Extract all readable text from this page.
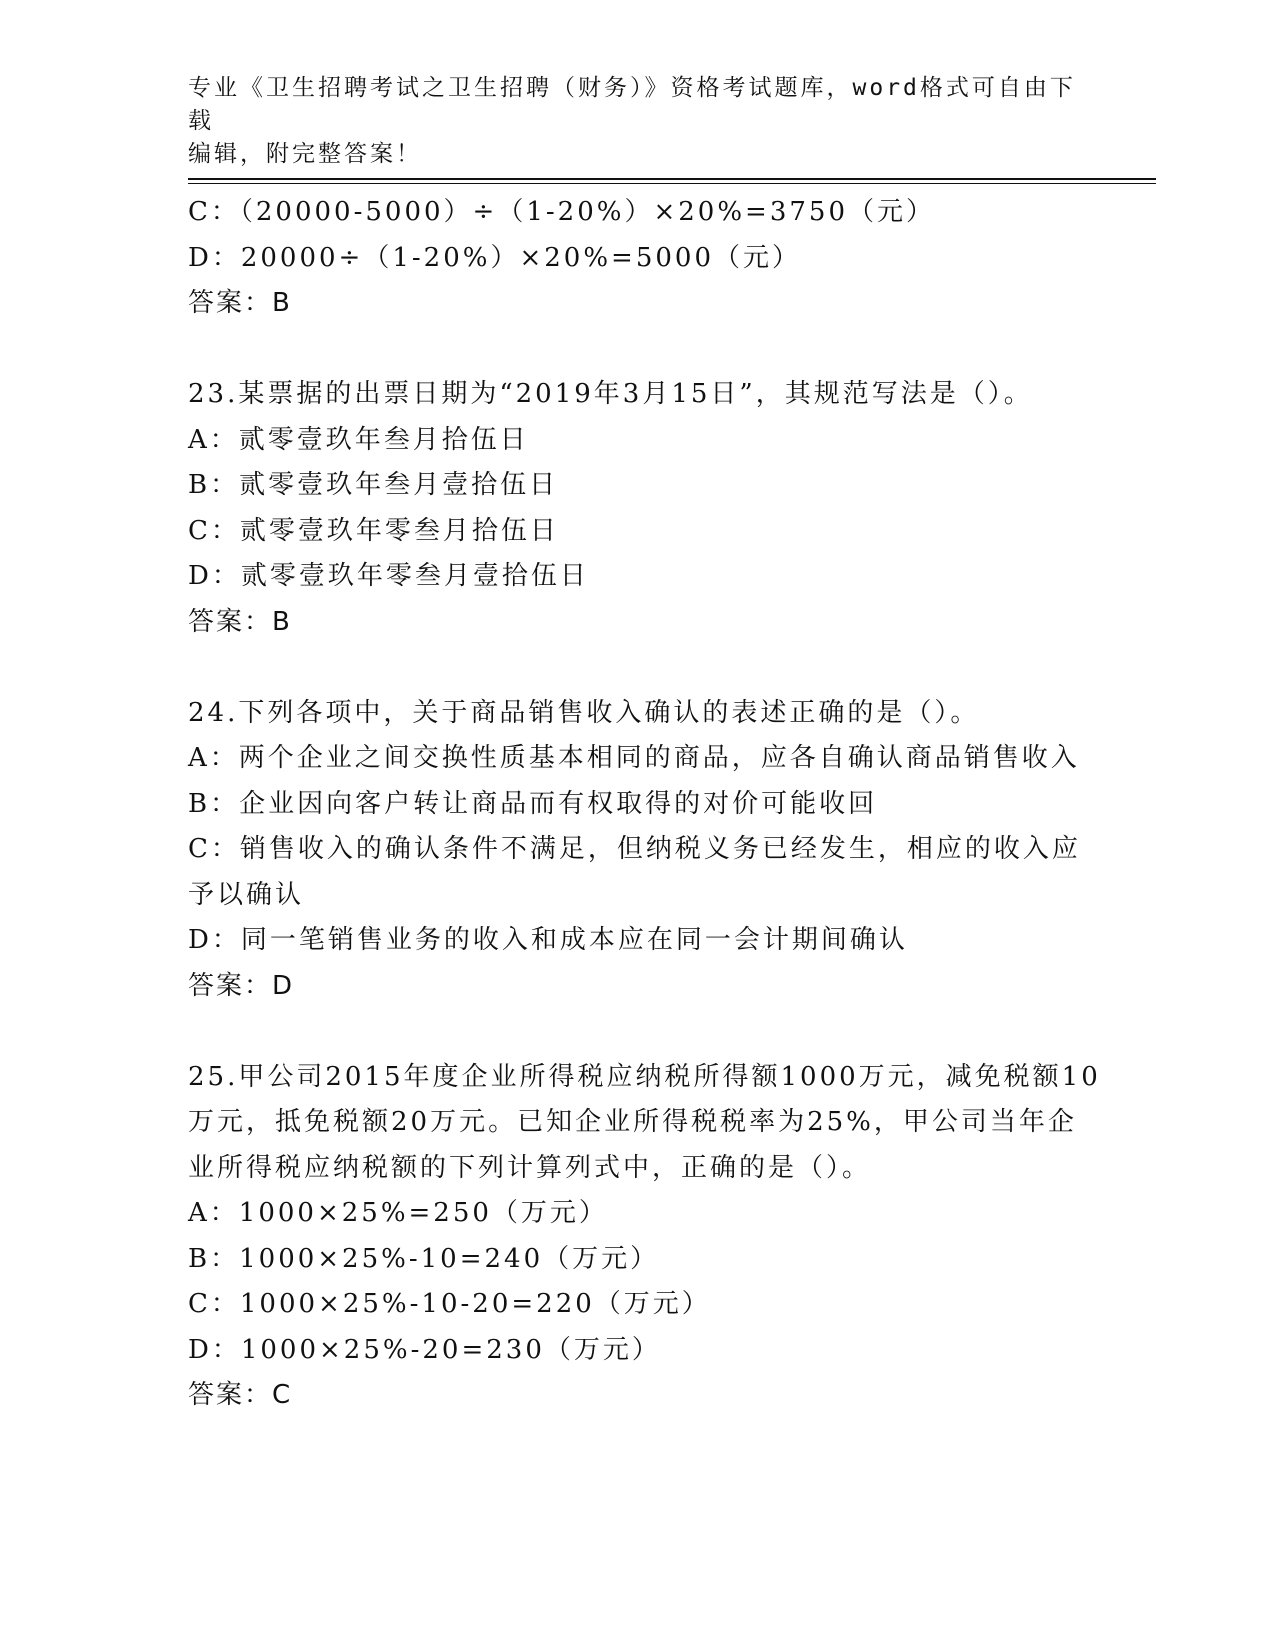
专业《卫生招聘考试之卫生招聘（财务）》资格考试题库，word格式可自由下载
编辑，附完整答案！
C：（20000-5000）÷（1-20%）×20%=3750（元）
D：20000÷（1-20%）×20%=5000（元）
答案：B
23.某票据的出票日期为“2019年3月15日”，其规范写法是（）。
A：贰零壹玖年叁月拾伍日
B：贰零壹玖年叁月壹拾伍日
C：贰零壹玖年零叁月拾伍日
D：贰零壹玖年零叁月壹拾伍日
答案：B
24.下列各项中，关于商品销售收入确认的表述正确的是（）。
A：两个企业之间交换性质基本相同的商品，应各自确认商品销售收入
B：企业因向客户转让商品而有权取得的对价可能收回
C：销售收入的确认条件不满足，但纳税义务已经发生，相应的收入应
予以确认
D：同一笔销售业务的收入和成本应在同一会计期间确认
答案：D
25.甲公司2015年度企业所得税应纳税所得额1000万元，减免税额10
万元，抵免税额20万元。已知企业所得税税率为25%，甲公司当年企
业所得税应纳税额的下列计算列式中，正确的是（）。
A：1000×25%=250（万元）
B：1000×25%-10=240（万元）
C：1000×25%-10-20=220（万元）
D：1000×25%-20=230（万元）
答案：C
